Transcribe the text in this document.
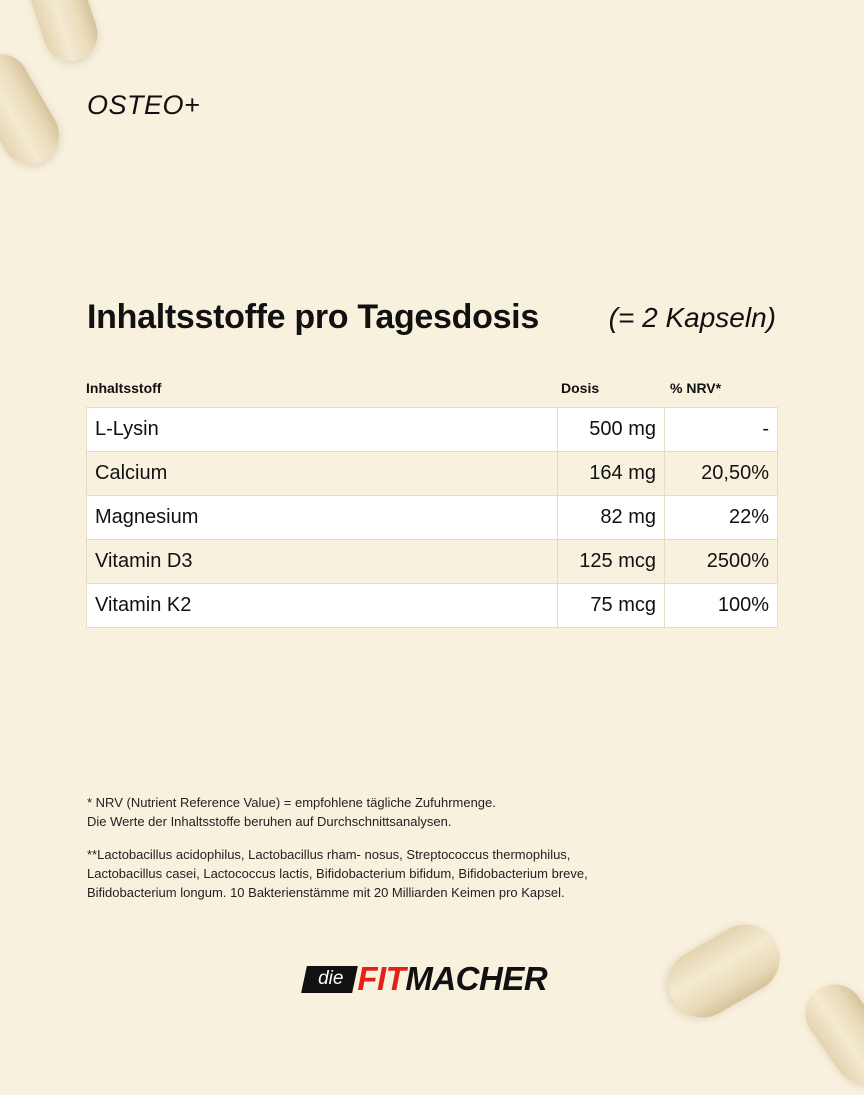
OSTEO+
Inhaltsstoffe pro Tagesdosis (= 2 Kapseln)
Inhaltsstoff	Dosis	% NRV*
L-Lysin	500 mg	-
Calcium	164 mg	20,50%
Magnesium	82 mg	22%
Vitamin D3	125 mcg	2500%
Vitamin K2	75 mcg	100%
* NRV (Nutrient Reference Value) = empfohlene tägliche Zufuhrmenge.
Die Werte der Inhaltsstoffe beruhen auf Durchschnittsanalysen.
**Lactobacillus acidophilus, Lactobacillus rham- nosus, Streptococcus thermophilus,
Lactobacillus casei, Lactococcus lactis, Bifidobacterium bifidum, Bifidobacterium breve,
Bifidobacterium longum. 10 Bakterienstämme mit 20 Milliarden Keimen pro Kapsel.
die FIT MACHER
